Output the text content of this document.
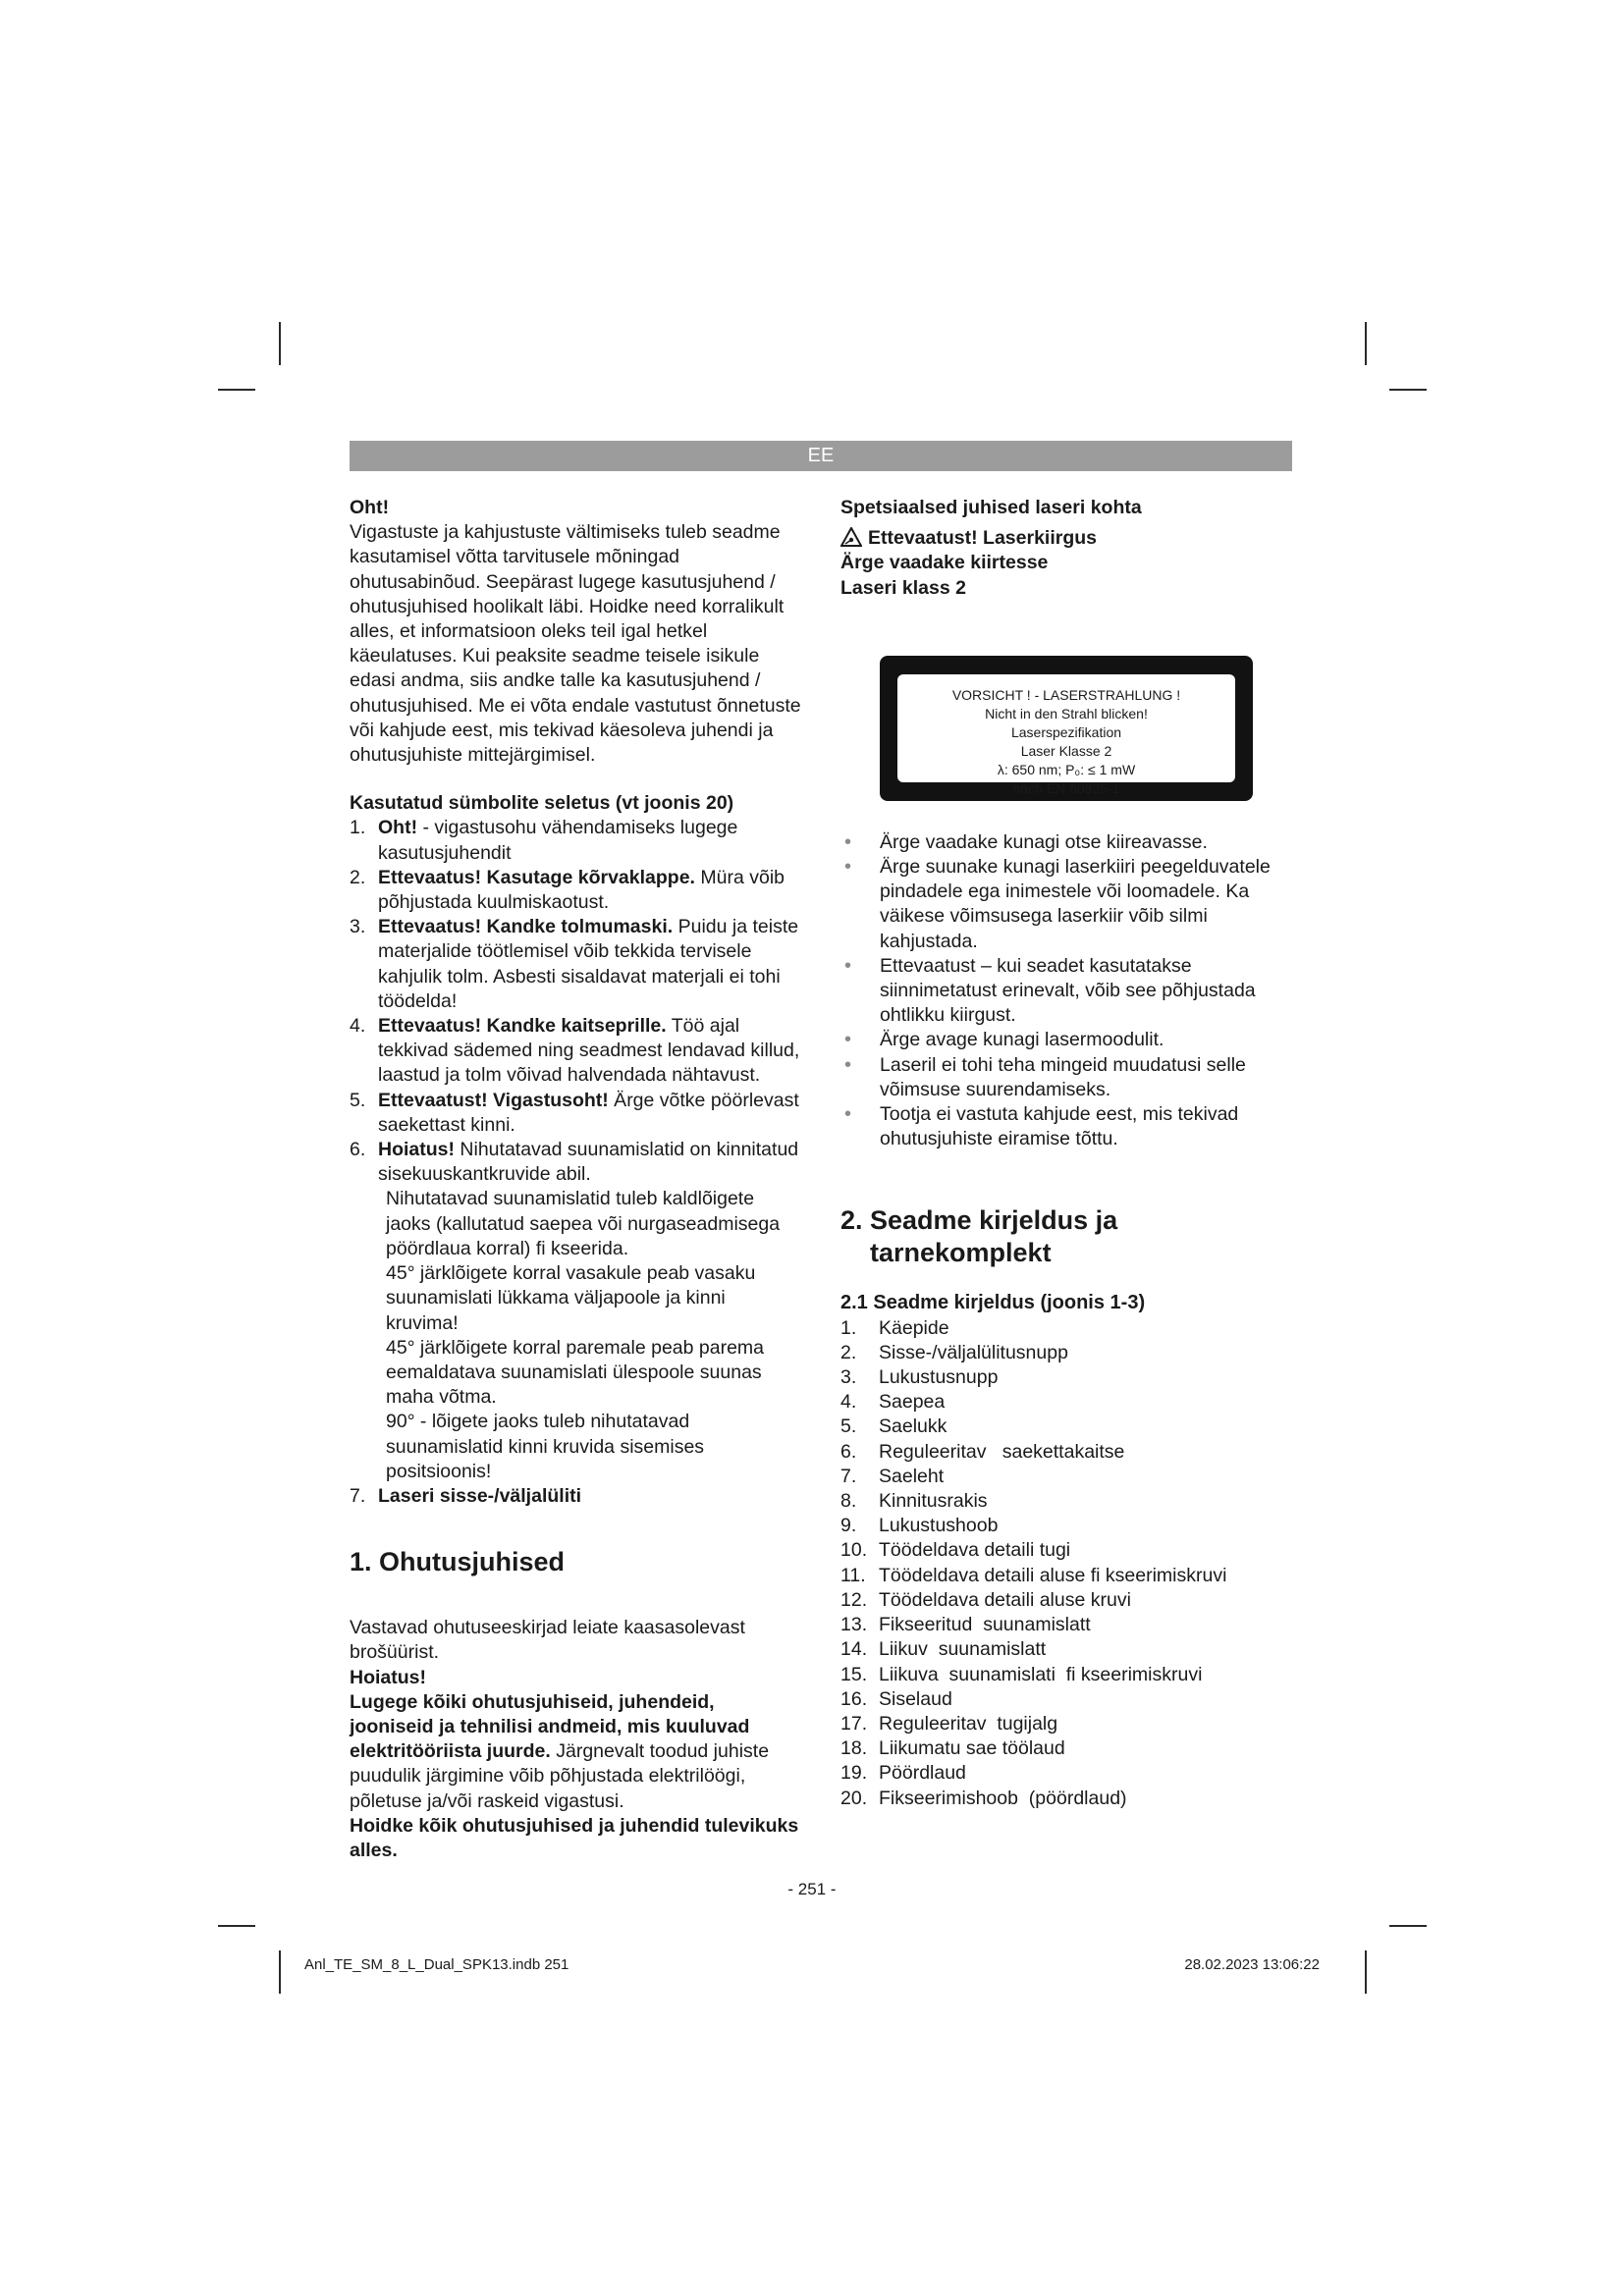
EE

Oht!

Vigastuste ja kahjustuste vältimiseks tuleb seadme kasutamisel võtta tarvitusele mõningad ohutusabinõud. Seepärast lugege kasutusjuhend / ohutusjuhised hoolikalt läbi. Hoidke need korralikult alles, et informatsioon oleks teil igal hetkel käeulatuses. Kui peaksite seadme teisele isikule edasi andma, siis andke talle ka kasutusjuhend / ohutusjuhised. Me ei võta endale vastutust õnnetuste või kahjude eest, mis tekivad käesoleva juhendi ja ohutusjuhiste mittejärgimisel.

Kasutatud sümbolite seletus (vt joonis 20)

1. Oht! - vigastusohu vähendamiseks lugege kasutusjuhendit
2. Ettevaatus! Kasutage kõrvaklappe. Müra võib põhjustada kuulmiskaotust.
3. Ettevaatus! Kandke tolmumaski. Puidu ja teiste materjalide töötlemisel võib tekkida tervisele kahjulik tolm. Asbesti sisaldavat materjali ei tohi töödelda!
4. Ettevaatus! Kandke kaitseprille. Töö ajal tekkivad sädemed ning seadmest lendavad killud, laastud ja tolm võivad halvendada nähtavust.
5. Ettevaatust! Vigastusoht! Ärge võtke pöörlevast saekettast kinni.
6. Hoiatus! Nihutatavad suunamislatid on kinnitatud sisekuuskantkruvide abil.
Nihutatavad suunamislatid tuleb kaldlõigete jaoks (kallutatud saepea või nurgaseadmisega pöördlaua korral) fi kseerida.
45° järklõigete korral vasakule peab vasaku suunamislati lükkama väljapoole ja kinni kruvima!
45° järklõigete korral paremale peab parema eemaldatava suunamislati ülespoole suunas maha võtma.
90° - lõigete jaoks tuleb nihutatavad suunamislatid kinni kruvida sisemises positsioonis!
7. Laseri sisse-/väljalüliti

1. Ohutusjuhised

Vastavad ohutuseeskirjad leiate kaasasolevast brošüürist.

Hoiatus!

Lugege kõiki ohutusjuhiseid, juhendeid, jooniseid ja tehnilisi andmeid, mis kuuluvad elektritööriista juurde. Järgnevalt toodud juhiste puudulik järgimine võib põhjustada elektrilöögi, põletuse ja/või raskeid vigastusi.

Hoidke kõik ohutusjuhised ja juhendid tulevikuks alles.

Spetsiaalsed juhised laseri kohta

Ettevaatust! Laserkiirgus

Ärge vaadake kiirtesse

Laseri klass 2

VORSICHT ! - LASERSTRAHLUNG !
Nicht in den Strahl blicken!
Laserspezifikation
Laser Klasse 2
λ: 650 nm; P₀: ≤ 1 mW
nach EN 60825-1
• Ärge vaadake kunagi otse kiireavasse.
• Ärge suunake kunagi laserkiiri peegelduvatele pindadele ega inimestele või loomadele. Ka väikese võimsusega laserkiir võib silmi kahjustada.
• Ettevaatust – kui seadet kasutatakse siinnimetatust erinevalt, võib see põhjustada ohtlikku kiirgust.
• Ärge avage kunagi lasermoodulit.
• Laseril ei tohi teha mingeid muudatusi selle võimsuse suurendamiseks.
• Tootja ei vastuta kahjude eest, mis tekivad ohutusjuhiste eiramise tõttu.

2. Seadme kirjeldus ja
tarnekomplekt

2.1 Seadme kirjeldus (joonis 1-3)

1. Käepide
2. Sisse-/väljalülitusnupp
3. Lukustusnupp
4. Saepea
5. Saelukk
6. Reguleeritav   saekettakaitse
7. Saeleht
8. Kinnitusrakis
9. Lukustushoob
10. Töödeldava detaili tugi
11. Töödeldava detaili aluse fi kseerimiskruvi
12. Töödeldava detaili aluse kruvi
13. Fikseeritud  suunamislatt
14. Liikuv  suunamislatt
15. Liikuva  suunamislati  fi kseerimiskruvi
16. Siselaud
17. Reguleeritav  tugijalg
18. Liikumatu sae töölaud
19. Pöördlaud
20. Fikseerimishoob  (pöördlaud)
- 251 -
Anl_TE_SM_8_L_Dual_SPK13.indb 251	28.02.2023 13:06:22
